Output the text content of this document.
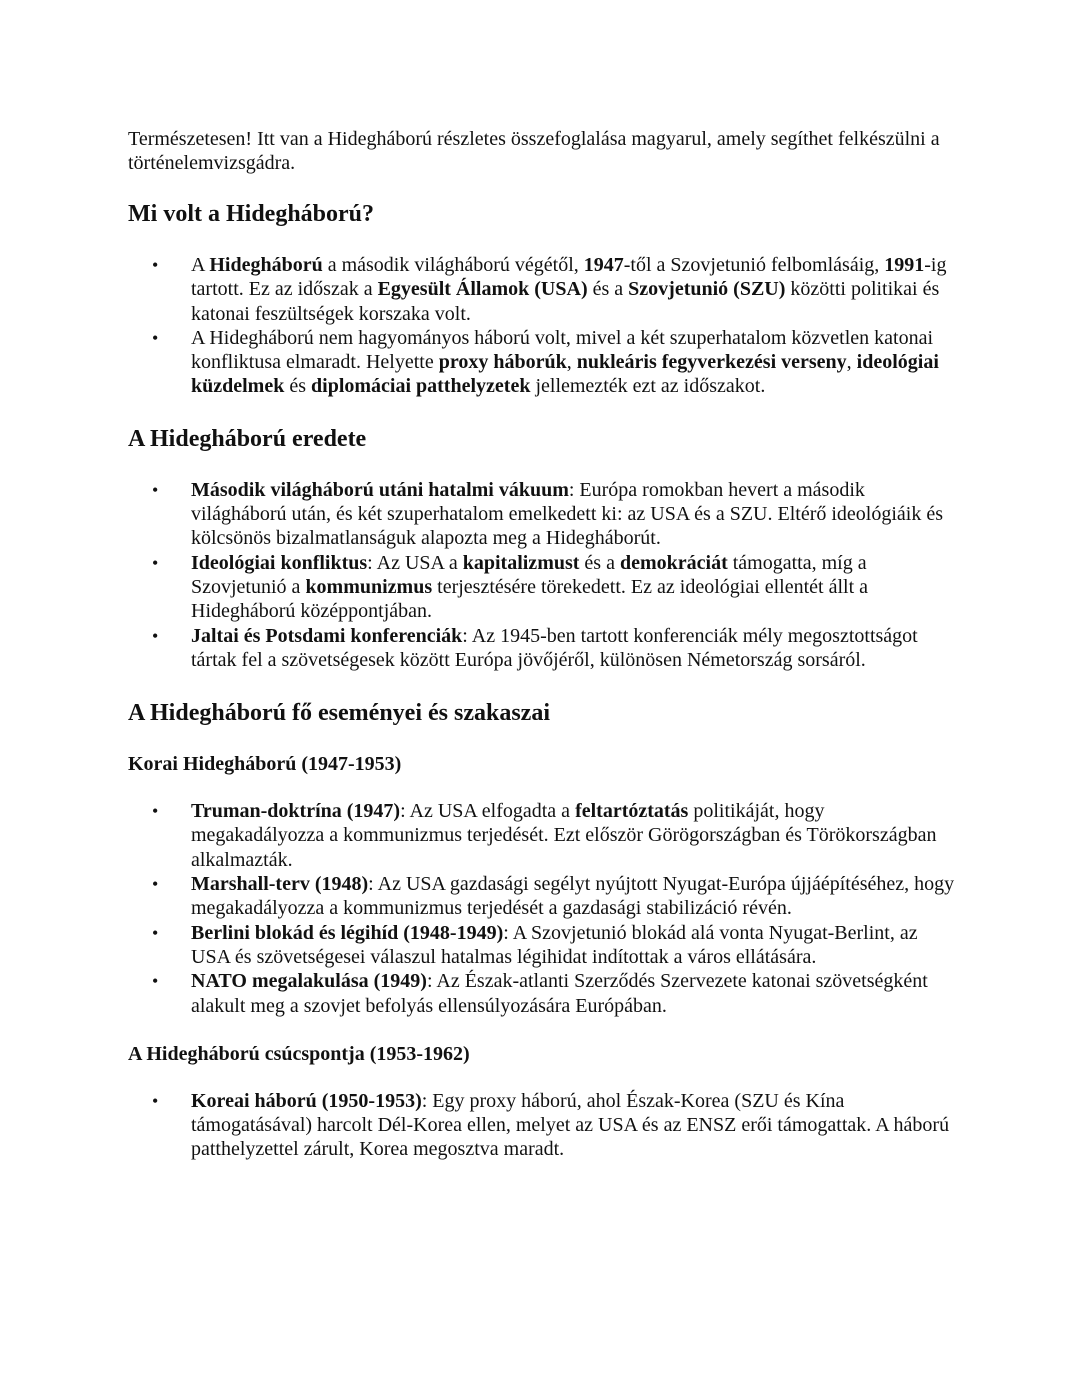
Természetesen! Itt van a Hidegháború részletes összefoglalása magyarul, amely segíthet felkészülni a történelemvizsgádra.

Mi volt a Hidegháború?
• A Hidegháború a második világháború végétől, 1947-től a Szovjetunió felbomlásáig, 1991-ig tartott. Ez az időszak a Egyesült Államok (USA) és a Szovjetunió (SZU) közötti politikai és katonai feszültségek korszaka volt.
• A Hidegháború nem hagyományos háború volt, mivel a két szuperhatalom közvetlen katonai konfliktusa elmaradt. Helyette proxy háborúk, nukleáris fegyverkezési verseny, ideológiai küzdelmek és diplomáciai patthelyzetek jellemezték ezt az időszakot.
A Hidegháború eredete
• Második világháború utáni hatalmi vákuum: Európa romokban hevert a második világháború után, és két szuperhatalom emelkedett ki: az USA és a SZU. Eltérő ideológiáik és kölcsönös bizalmatlanságuk alapozta meg a Hidegháborút.
• Ideológiai konfliktus: Az USA a kapitalizmust és a demokráciát támogatta, míg a Szovjetunió a kommunizmus terjesztésére törekedett. Ez az ideológiai ellentét állt a Hidegháború középpontjában.
• Jaltai és Potsdami konferenciák: Az 1945-ben tartott konferenciák mély megosztottságot tártak fel a szövetségesek között Európa jövőjéről, különösen Németország sorsáról.
A Hidegháború fő eseményei és szakaszai
Korai Hidegháború (1947-1953)
• Truman-doktrína (1947): Az USA elfogadta a feltartóztatás politikáját, hogy megakadályozza a kommunizmus terjedését. Ezt először Görögországban és Törökországban alkalmazták.
• Marshall-terv (1948): Az USA gazdasági segélyt nyújtott Nyugat-Európa újjáépítéséhez, hogy megakadályozza a kommunizmus terjedését a gazdasági stabilizáció révén.
• Berlini blokád és légihíd (1948-1949): A Szovjetunió blokád alá vonta Nyugat-Berlint, az USA és szövetségesei válaszul hatalmas légihidat indítottak a város ellátására.
• NATO megalakulása (1949): Az Észak-atlanti Szerződés Szervezete katonai szövetségként alakult meg a szovjet befolyás ellensúlyozására Európában.
A Hidegháború csúcspontja (1953-1962)
• Koreai háború (1950-1953): Egy proxy háború, ahol Észak-Korea (SZU és Kína támogatásával) harcolt Dél-Korea ellen, melyet az USA és az ENSZ erői támogattak. A háború patthelyzettel zárult, Korea megosztva maradt.
